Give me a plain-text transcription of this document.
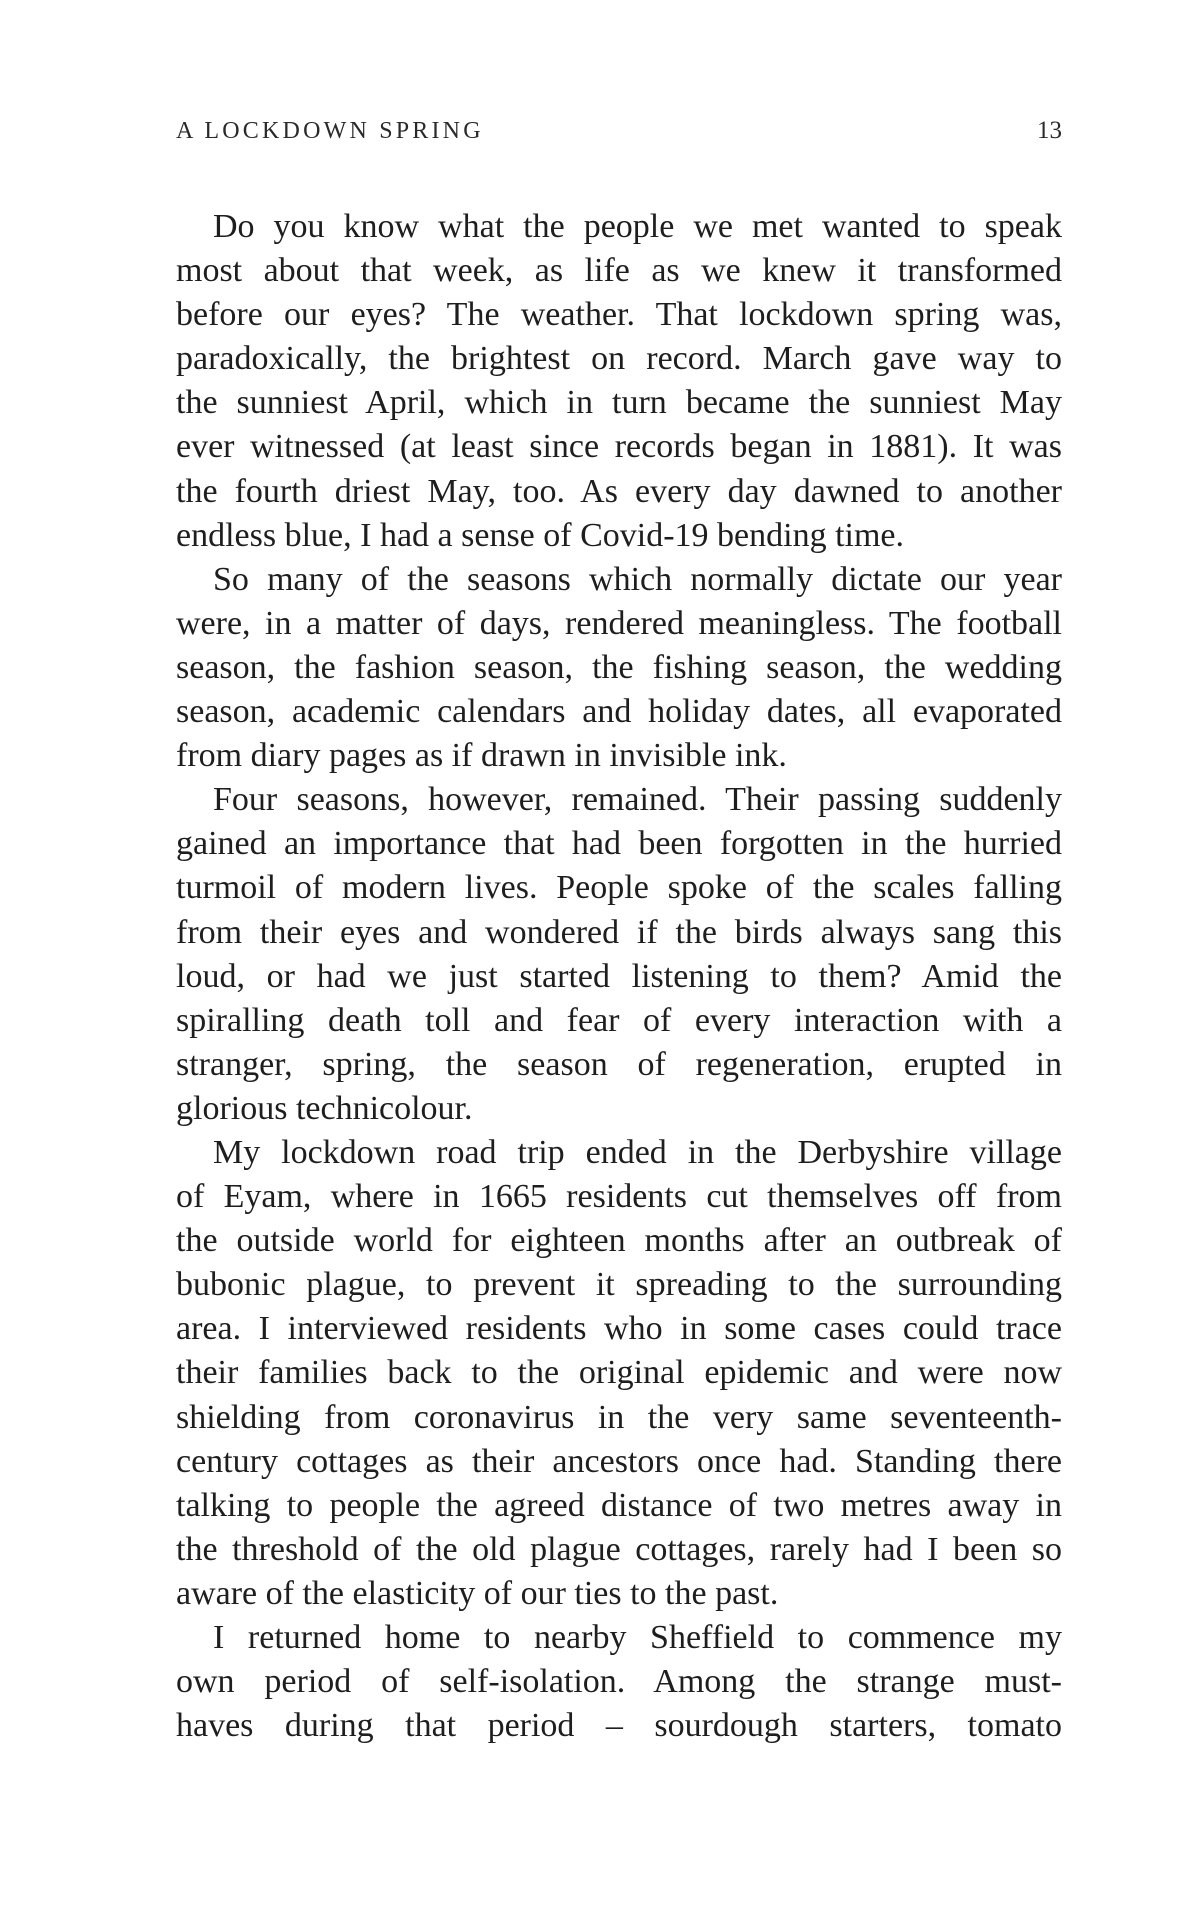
A LOCKDOWN SPRING	13
Do you know what the people we met wanted to speak
most about that week, as life as we knew it transformed
before our eyes? The weather. That lockdown spring was,
paradoxically, the brightest on record. March gave way to
the sunniest April, which in turn became the sunniest May
ever witnessed (at least since records began in 1881). It was
the fourth driest May, too. As every day dawned to another
endless blue, I had a sense of Covid-19 bending time.
So many of the seasons which normally dictate our year
were, in a matter of days, rendered meaningless. The football
season, the fashion season, the fishing season, the wedding
season, academic calendars and holiday dates, all evaporated
from diary pages as if drawn in invisible ink.
Four seasons, however, remained. Their passing suddenly
gained an importance that had been forgotten in the hurried
turmoil of modern lives. People spoke of the scales falling
from their eyes and wondered if the birds always sang this
loud, or had we just started listening to them? Amid the
spiralling death toll and fear of every interaction with a
stranger, spring, the season of regeneration, erupted in
glorious technicolour.
My lockdown road trip ended in the Derbyshire village
of Eyam, where in 1665 residents cut themselves off from
the outside world for eighteen months after an outbreak of
bubonic plague, to prevent it spreading to the surrounding
area. I interviewed residents who in some cases could trace
their families back to the original epidemic and were now
shielding from coronavirus in the very same seventeenth-
century cottages as their ancestors once had. Standing there
talking to people the agreed distance of two metres away in
the threshold of the old plague cottages, rarely had I been so
aware of the elasticity of our ties to the past.
I returned home to nearby Sheffield to commence my
own period of self-isolation. Among the strange must-
haves during that period – sourdough starters, tomato
